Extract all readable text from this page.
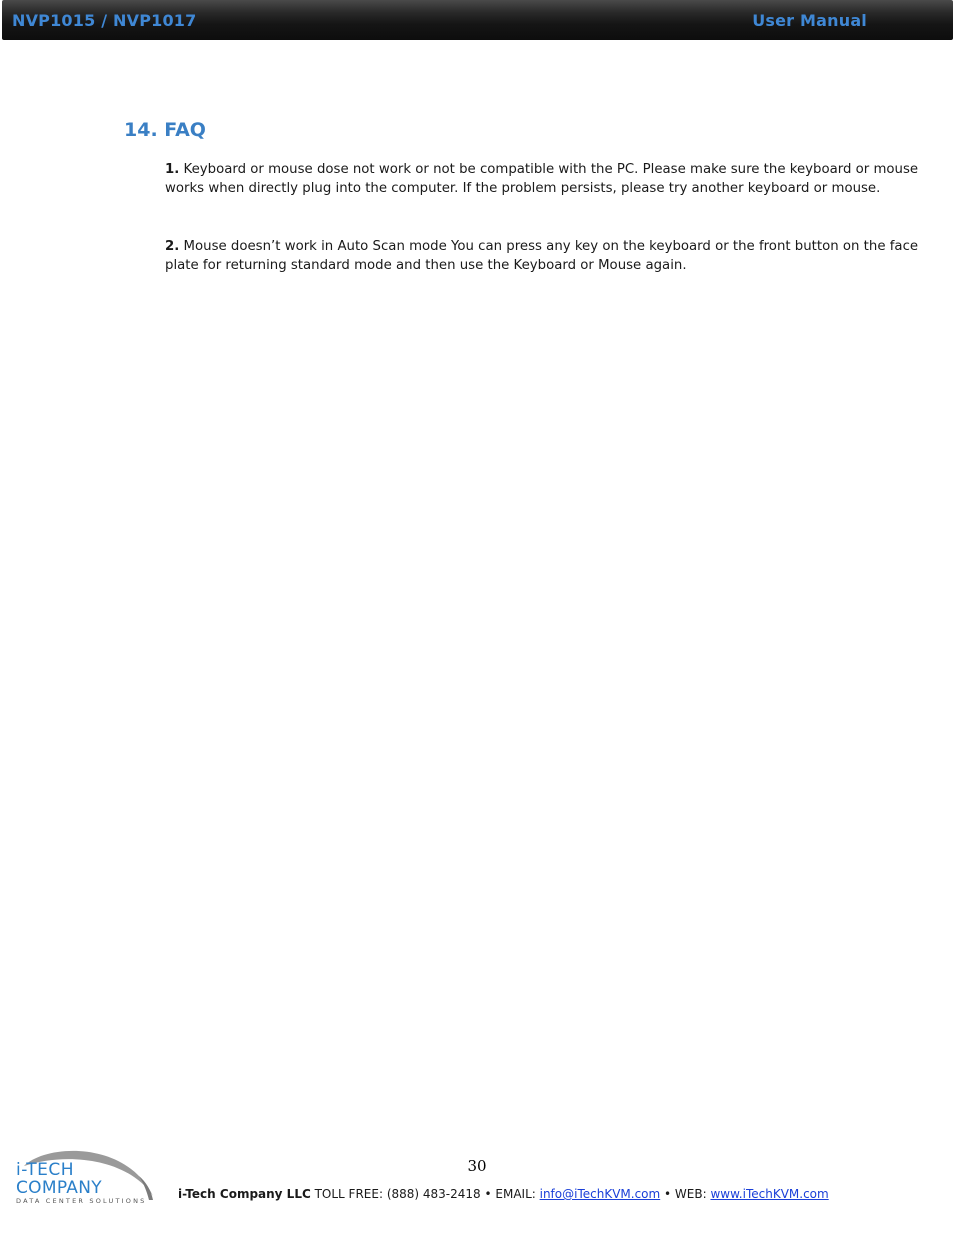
NVP1015 / NVP1017	User Manual
14. FAQ
1. Keyboard or mouse dose not work or not be compatible with the PC. Please make sure the keyboard or mouse works when directly plug into the computer. If the problem persists, please try another keyboard or mouse.
2. Mouse doesn’t work in Auto Scan mode You can press any key on the keyboard or the front button on the face plate for returning standard mode and then use the Keyboard or Mouse again.
30
i-TECH
COMPANY
DATA CENTER SOLUTIONS	i-Tech Company LLC TOLL FREE: (888) 483-2418 • EMAIL: info@iTechKVM.com • WEB: www.iTechKVM.com
